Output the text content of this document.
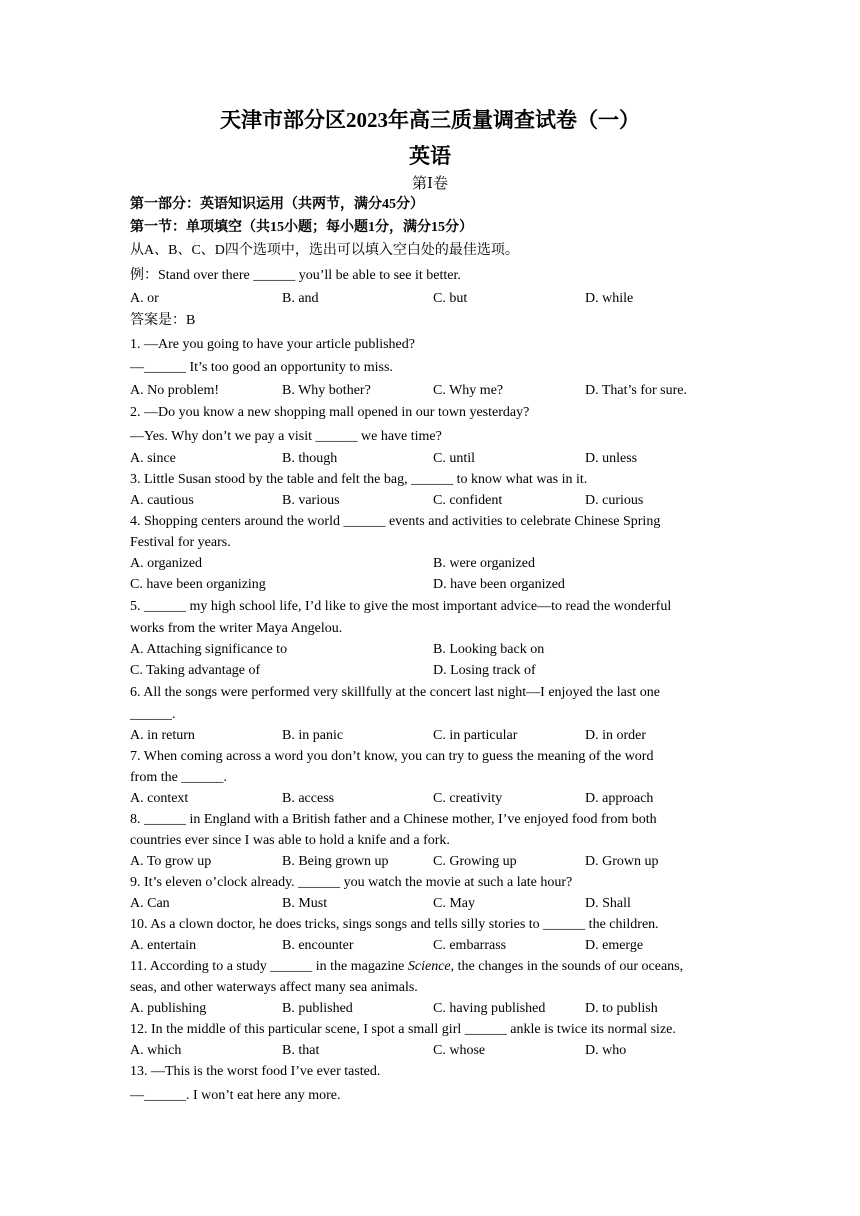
天津市部分区2023年高三质量调查试卷（一）
英语
第Ⅰ卷
第一部分：英语知识运用（共两节，满分45分）
第一节：单项填空（共15小题；每小题1分，满分15分）
从A、B、C、D四个选项中，选出可以填入空白处的最佳选项。
例：Stand over there ______ you’ll be able to see it better.
A. or	B. and	C. but	D. while
答案是：B
1. —Are you going to have your article published?
—______ It’s too good an opportunity to miss.
A. No problem!	B. Why bother?	C. Why me?	D. That’s for sure.
2. —Do you know a new shopping mall opened in our town yesterday?
—Yes. Why don’t we pay a visit ______ we have time?
A. since	B. though	C. until	D. unless
3. Little Susan stood by the table and felt the bag, ______ to know what was in it.
A. cautious	B. various	C. confident	D. curious
4. Shopping centers around the world ______ events and activities to celebrate Chinese Spring
Festival for years.
A. organized	B. were organized
C. have been organizing	D. have been organized
5. ______ my high school life, I’d like to give the most important advice—to read the wonderful
works from the writer Maya Angelou.
A. Attaching significance to	B. Looking back on
C. Taking advantage of	D. Losing track of
6. All the songs were performed very skillfully at the concert last night—I enjoyed the last one
______.
A. in return	B. in panic	C. in particular	D. in order
7. When coming across a word you don’t know, you can try to guess the meaning of the word
from the ______.
A. context	B. access	C. creativity	D. approach
8. ______ in England with a British father and a Chinese mother, I’ve enjoyed food from both
countries ever since I was able to hold a knife and a fork.
A. To grow up	B. Being grown up	C. Growing up	D. Grown up
9. It’s eleven o’clock already. ______ you watch the movie at such a late hour?
A. Can	B. Must	C. May	D. Shall
10. As a clown doctor, he does tricks, sings songs and tells silly stories to ______ the children.
A. entertain	B. encounter	C. embarrass	D. emerge
11. According to a study ______ in the magazine Science, the changes in the sounds of our oceans,
seas, and other waterways affect many sea animals.
A. publishing	B. published	C. having published	D. to publish
12. In the middle of this particular scene, I spot a small girl ______ ankle is twice its normal size.
A. which	B. that	C. whose	D. who
13. —This is the worst food I’ve ever tasted.
—______. I won’t eat here any more.
